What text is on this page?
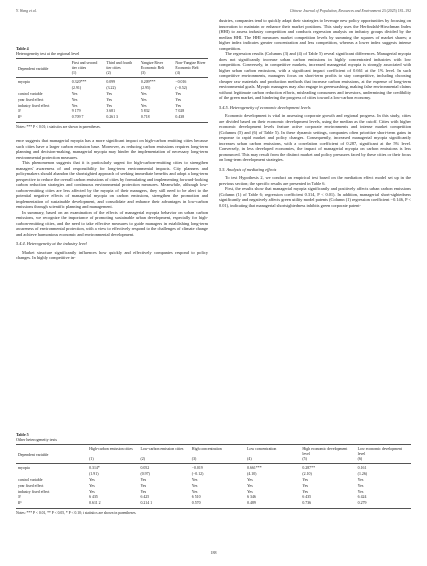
Y. Wang et al.	Chinese Journal of Population, Resources and Environment 23 (2025) 181–192
Table 4
Heterogeneity test at the regional level
Dependent variable	First and second tier cities	Third and fourth tier cities	Yangtze River Economic Belt	Non-Yangtze River Economic Belt
	(1)	(2)	(3)	(4)
myopia	0.320***	0.099	0.209***	−0.016
	(2.91)	(3.22)	(2.95)	(−0.52)
control variable	Yes	Yes	Yes	Yes
year fixed effect	Yes	Yes	Yes	Yes
industry fixed effect	Yes	Yes	Yes	Yes
N	9 179	3 681	5 832	7 028
R²	0.709 7	0.261 3	0.718	0.438
Notes: *** P < 0.01; t statistics are shown in parentheses.

ence suggests that managerial myopia has a more significant impact on high-carbon emitting cities because such cities have a larger carbon emission base. Moreover, as reducing carbon emissions requires long-term planning and decision-making, managerial myopia may hinder the implementation of necessary long-term environmental protection measures.

This phenomenon suggests that it is particularly urgent for high-carbon-emitting cities to strengthen managers' awareness of and responsibility for long-term environmental impacts. City planners and policymakers should abandon the shortsighted approach of seeking immediate benefits and adopt a long-term perspective to reduce the overall carbon emissions of cities by formulating and implementing forward-looking carbon reduction strategies and continuous environmental protection measures. Meanwhile, although low-carbon-emitting cities are less affected by the myopia of their managers, they still need to be alert to the potential negative effects of managerial myopia on carbon emissions, strengthen the promotion and implementation of sustainable development, and consolidate and enhance their advantages in low-carbon emissions through scientific planning and management.

In summary, based on an examination of the effects of managerial myopia behavior on urban carbon emissions, we recognize the importance of promoting sustainable urban development, especially for high-carbon-emitting cities, and the need to take effective measures to guide managers in establishing long-term awareness of environmental protection, with a view to effectively respond to the challenges of climate change and achieve harmonious economic and environmental development.

5.4.4. Heterogeneity at the industry level

Market structure significantly influences how quickly and effectively companies respond to policy changes. In highly competitive in-

dustries, companies tend to quickly adapt their strategies to leverage new policy opportunities by focusing on innovation to maintain or enhance their market positions. This study uses the Herfindahl-Hirschman Index (HHI) to assess industry competition and conducts regression analysis on industry groups divided by the median HHI. The HHI measures market competition levels by summing the squares of market shares; a higher index indicates greater concentration and less competition, whereas a lower index suggests intense competition.

The regression results (Columns (3) and (4) of Table 5) reveal significant differences. Managerial myopia does not significantly increase urban carbon emissions in highly concentrated industries with low competition. Conversely, in competitive markets, increased managerial myopia is strongly associated with higher urban carbon emissions, with a significant impact coefficient of 0.661 at the 1% level. In such competitive environments, managers focus on short-term profits to stay competitive, including choosing cheaper raw materials and production methods that increase carbon emissions, at the expense of long-term environmental goals. Myopic managers may also engage in greenwashing, making false environmental claims without legitimate carbon reduction efforts, misleading consumers and investors, undermining the credibility of the green market, and hindering the progress of cities toward a low-carbon economy.

5.4.5. Heterogeneity of economic development levels

Economic development is vital in assessing corporate growth and regional progress. In this study, cities are divided based on their economic development levels, using the median as the cutoff. Cities with higher economic development levels feature active corporate environments and intense market competition (Columns (5) and (6) of Table 5). In these dynamic settings, companies often prioritize short-term gains in response to rapid market and policy changes. Consequently, increased managerial myopia significantly increases urban carbon emissions, with a correlation coefficient of 0.287, significant at the 5% level. Conversely, in less developed economies, the impact of managerial myopia on carbon emissions is less pronounced. This may result from the distinct market and policy pressures faced by these cities or their focus on long-term development strategies.

5.5. Analysis of mediating effects

To test Hypothesis 2, we conduct an empirical test based on the mediation effect model set up in the previous section; the specific results are presented in Table 6.

First, the results show that managerial myopia significantly and positively affects urban carbon emissions (Column (1) of Table 6; regression coefficient 0.314, P < 0.01). In addition, managerial short-sightedness significantly and negatively affects green utility model patents (Column (1) regression coefficient −0.146, P < 0.01), indicating that managerial shortsightedness inhibits green corporate patent-

Table 5
Other heterogeneity tests
Dependent variable	High-carbon emission cities	Low-carbon emission cities	High concentration	Low concentration	High economic development level	Low economic development level
	(1)	(2)	(3)	(4)	(5)	(6)
myopia	0.314*	0.052	−0.019	0.661***	0.287**	0.161
	(1.91)	(0.97)	(−0.12)	(4.10)	(2.10)	(1.26)
control variable	Yes	Yes	Yes	Yes	Yes	Yes
year fixed effect	Yes	Yes	Yes	Yes	Yes	Yes
industry fixed effect	Yes	Yes	Yes	Yes	Yes	Yes
N	6 435	6 425	6 510	6 346	6 435	6 424
R²	0.611 2	0.214 1	0.570	0.489	0.736	0.279
Notes: *** P < 0.01, ** P < 0.05, * P < 0.10; t statistics are shown in parentheses.
188
